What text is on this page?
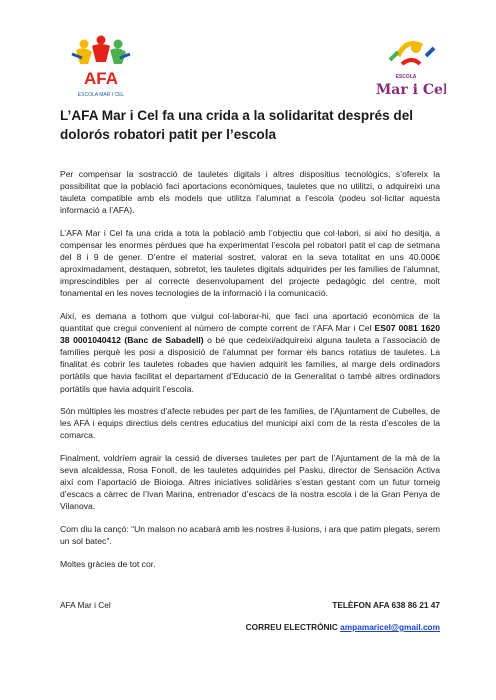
AFA
ESCOLA MAR I CEL
ESCOLA
Mar i Cel
L’AFA Mar i Cel fa una crida a la solidaritat després del dolorós robatori patit per l’escola

Per compensar la sostracció de tauletes digitals i altres dispositius tecnològics, s’ofereix la possibilitat que la població faci aportacions econòmiques, tauletes que no utilitzi, o adquireixi una tauleta compatible amb els models que utilitza l’alumnat a l’escola (podeu sol·licitar aquesta informació a l’AFA).

L’AFA Mar i Cel fa una crida a tota la població amb l’objectiu que col·labori, si així ho desitja, a compensar les enormes pèrdues que ha experimentat l’escola pel robatori patit el cap de setmana del 8 i 9 de gener. D’entre el material sostret, valorat en la seva totalitat en uns 40.000€ aproximadament, destaquen, sobretot, les tauletes digitals adquirides per les famílies de l’alumnat, imprescindibles per al correcte desenvolupament del projecte pedagògic del centre, molt fonamental en les noves tecnologies de la informació i la comunicació.

Així, es demana a tothom que vulgui col·laborar-hi, que faci una aportació econòmica de la quantitat que cregui convenient al número de compte corrent de l’AFA Mar i Cel ES07 0081 1620 38 0001040412 (Banc de Sabadell) o bé que cedeixi/adquireixi alguna tauleta a l’associació de famílies perquè les posi a disposició de l’alumnat per formar els bancs rotatius de tauletes. La finalitat és cobrir les tauletes robades que havien adquirit les famílies, al marge dels ordinadors portàtils que havia facilitat el departament d’Educació de la Generalitat o també altres ordinadors portàtils que havia adquirit l’escola.

Són múltiples les mostres d’afecte rebudes per part de les famílies, de l’Ajuntament de Cubelles, de les AFA i equips directius dels centres educatius del municipi així com de la resta d’escoles de la comarca.

Finalment, voldríem agrair la cessió de diverses tauletes per part de l’Ajuntament de la mà de la seva alcaldessa, Rosa Fonoll, de les tauletes adquirides pel Pasku, director de Sensación Activa així com l’aportació de Bioioga. Altres iniciatives solidàries s’estan gestant com un futur torneig d’escacs a càrrec de l’Ivan Marina, entrenador d’escacs de la nostra escola i de la Gran Penya de Vilanova.

Com diu la cançó: “Un malson no acabarà amb les nostres il·lusions, i ara que patim plegats, serem un sol batec”.

Moltes gràcies de tot cor.

AFA Mar i Cel	TELÈFON AFA 638 86 21 47
CORREU ELECTRÒNIC ampamaricel@gmail.com
